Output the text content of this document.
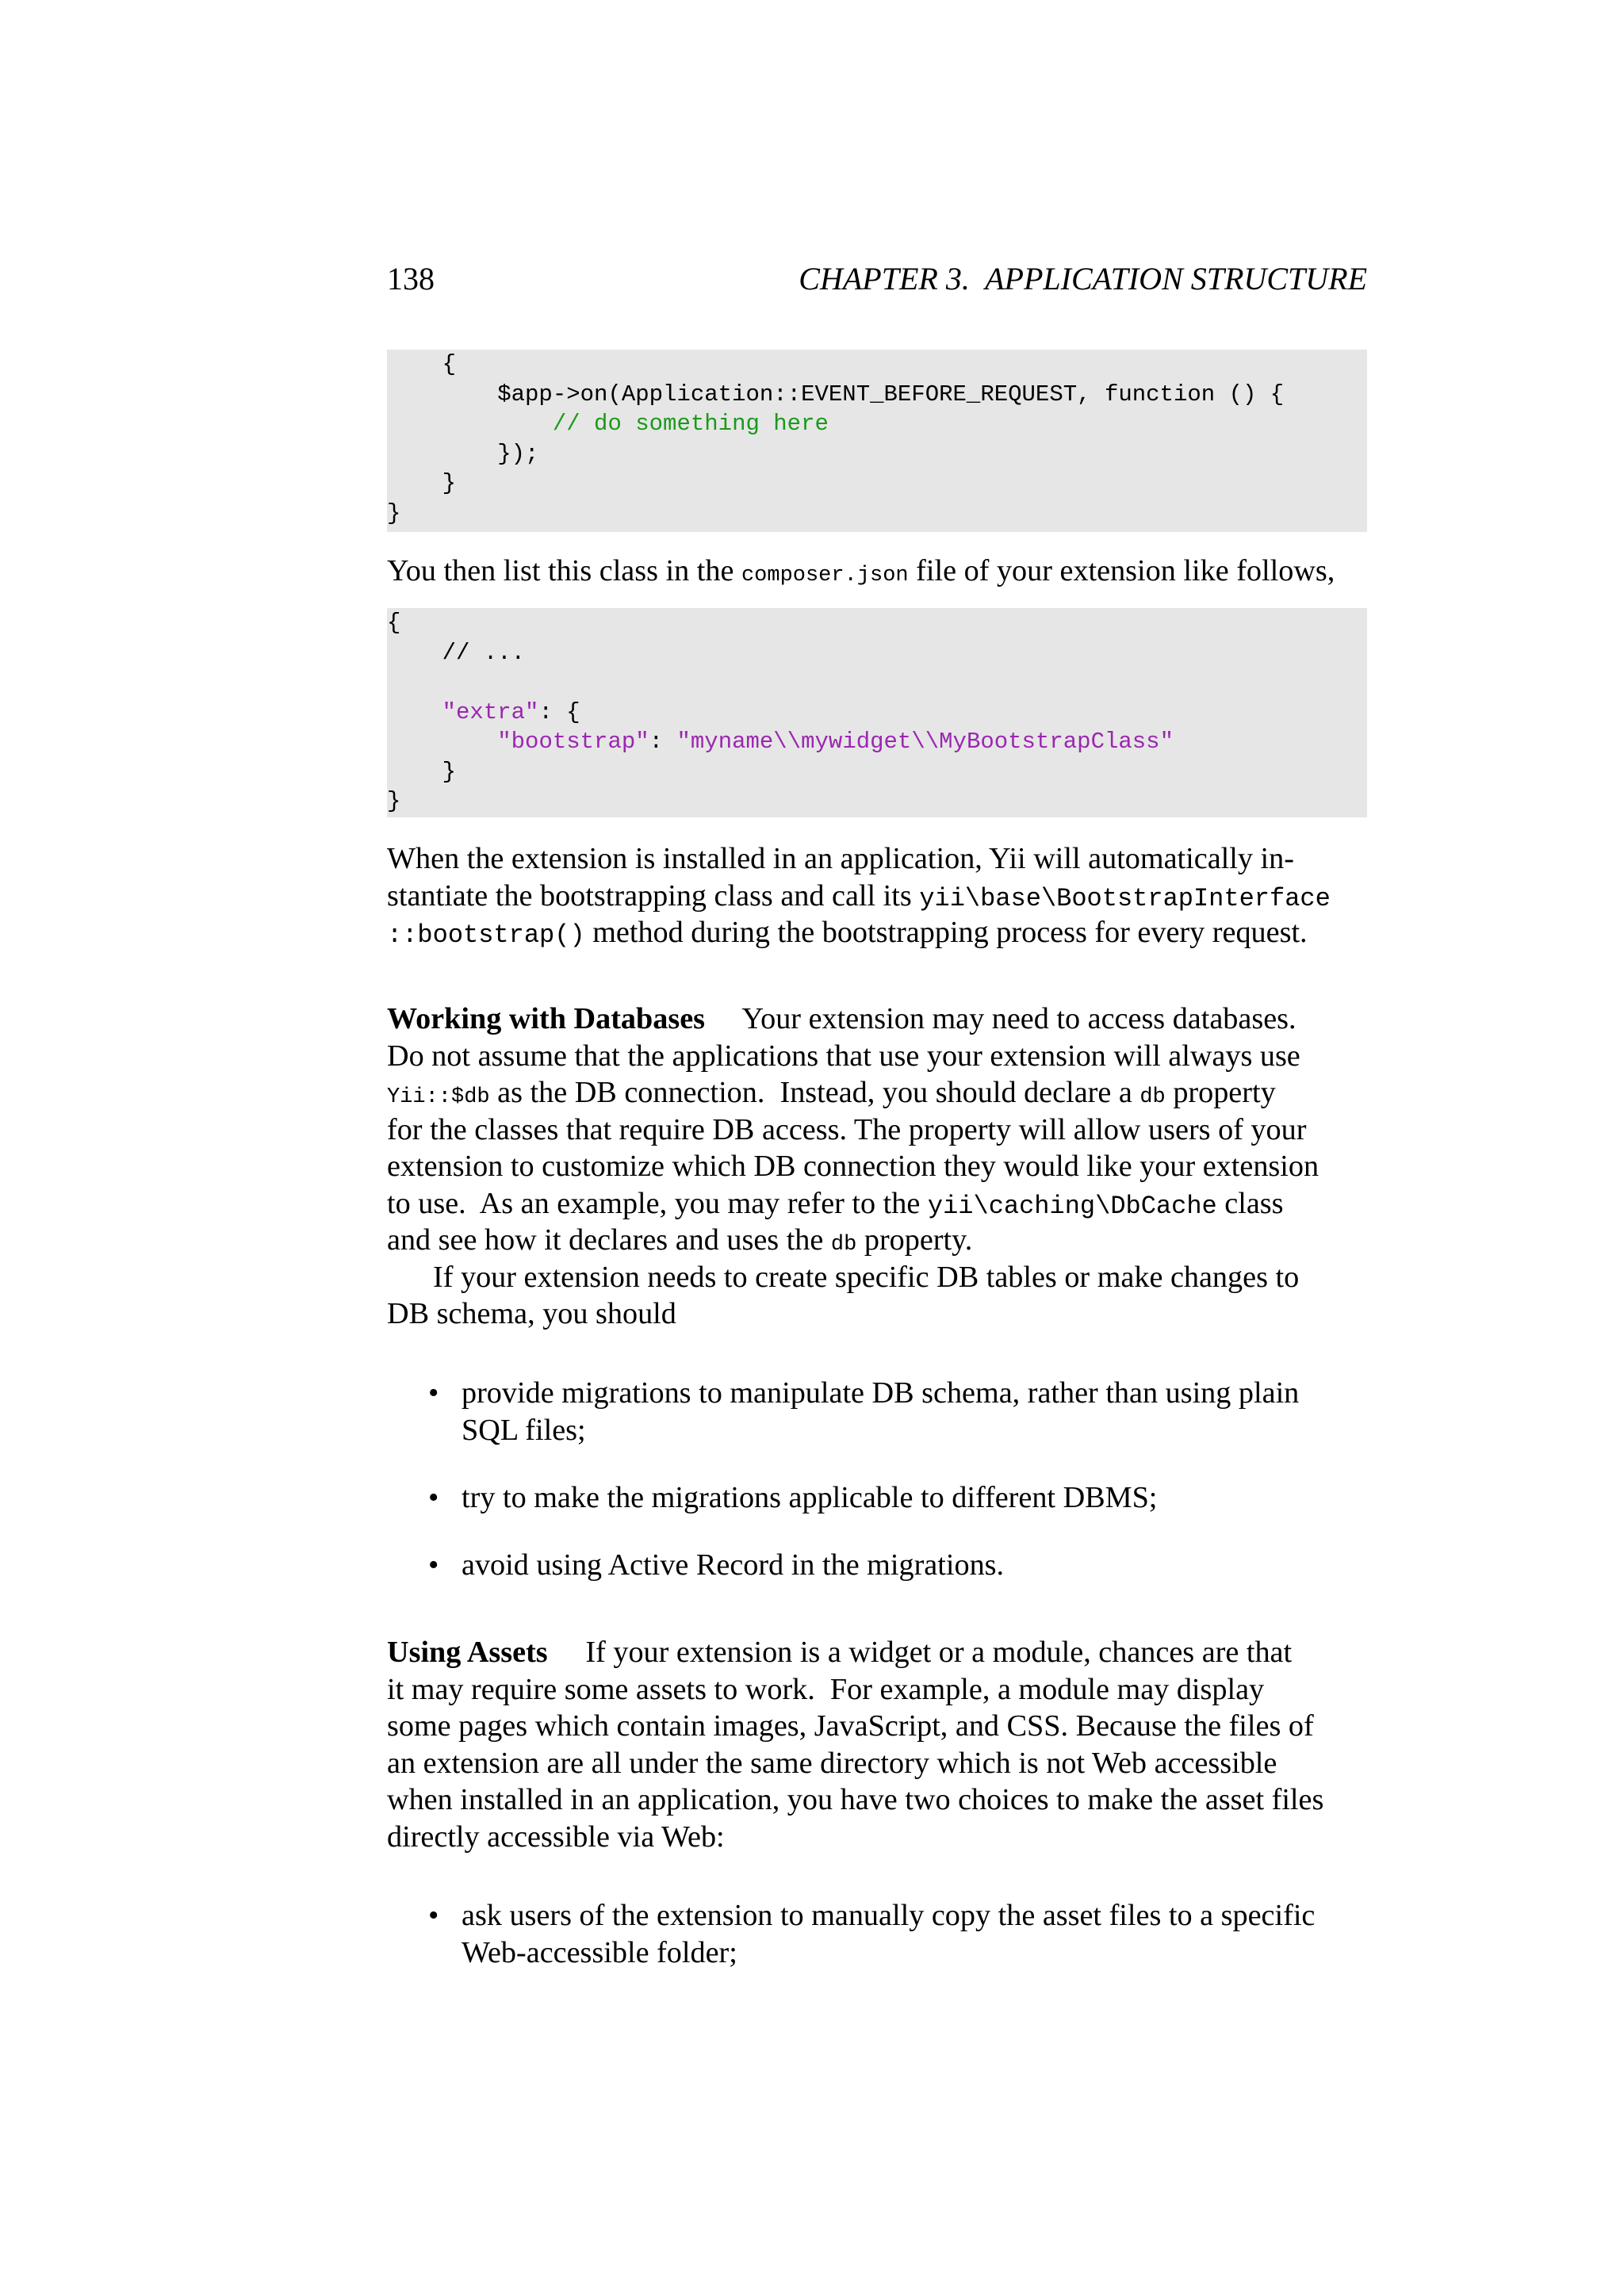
138	CHAPTER 3.  APPLICATION STRUCTURE
{
$app->on(Application::EVENT_BEFORE_REQUEST, function () {
// do something here
});
}
}
You then list this class in the composer.json file of your extension like follows,
{
// ...
"extra": {
"bootstrap": "myname\\mywidget\\MyBootstrapClass"
}
}
When the extension is installed in an application, Yii will automatically in-
stantiate the bootstrapping class and call its yii\base\BootstrapInterface
::bootstrap() method during the bootstrapping process for every request.
Working with Databases Your extension may need to access databases.
Do not assume that the applications that use your extension will always use
Yii::$db as the DB connection.  Instead, you should declare a db property
for the classes that require DB access. The property will allow users of your
extension to customize which DB connection they would like your extension
to use.  As an example, you may refer to the yii\caching\DbCache class
and see how it declares and uses the db property.
If your extension needs to create specific DB tables or make changes to
DB schema, you should
• provide migrations to manipulate DB schema, rather than using plain
SQL files;
• try to make the migrations applicable to different DBMS;
• avoid using Active Record in the migrations.
Using Assets If your extension is a widget or a module, chances are that
it may require some assets to work.  For example, a module may display
some pages which contain images, JavaScript, and CSS. Because the files of
an extension are all under the same directory which is not Web accessible
when installed in an application, you have two choices to make the asset files
directly accessible via Web:
• ask users of the extension to manually copy the asset files to a specific
Web-accessible folder;
